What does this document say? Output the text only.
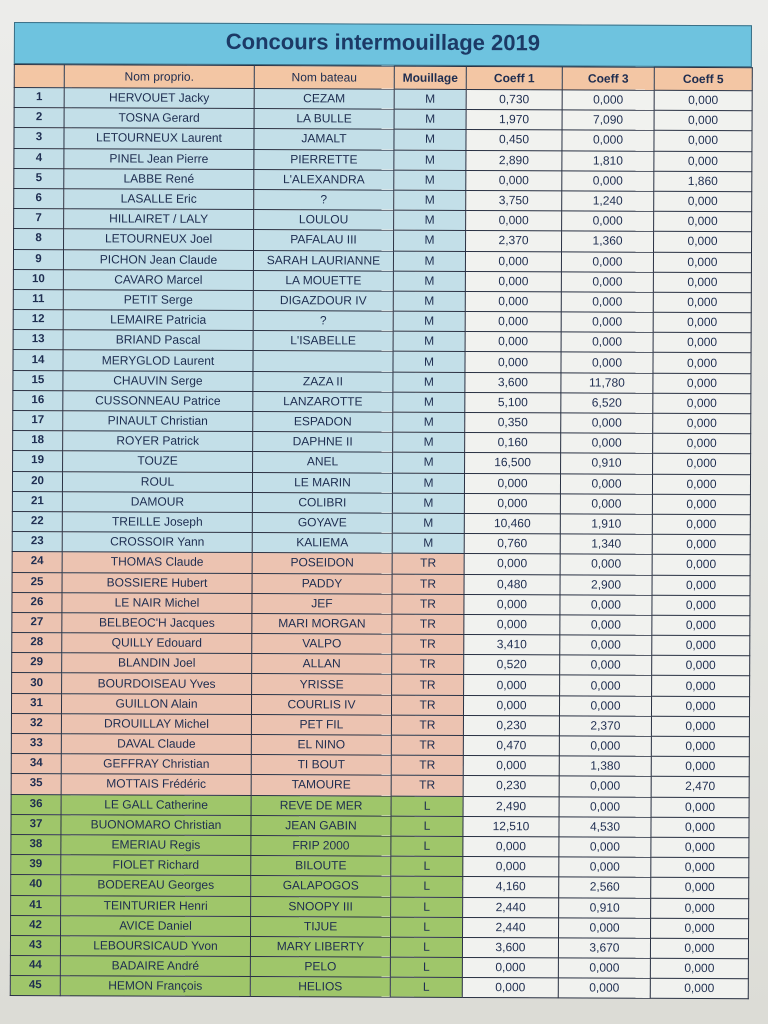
Concours intermouillage 2019
	Nom proprio.	Nom bateau	Mouillage	Coeff 1	Coeff 3	Coeff 5
1	HERVOUET Jacky	CEZAM	M	0,730	0,000	0,000
2	TOSNA Gerard	LA BULLE	M	1,970	7,090	0,000
3	LETOURNEUX Laurent	JAMALT	M	0,450	0,000	0,000
4	PINEL Jean Pierre	PIERRETTE	M	2,890	1,810	0,000
5	LABBE René	L'ALEXANDRA	M	0,000	0,000	1,860
6	LASALLE Eric	?	M	3,750	1,240	0,000
7	HILLAIRET / LALY	LOULOU	M	0,000	0,000	0,000
8	LETOURNEUX Joel	PAFALAU III	M	2,370	1,360	0,000
9	PICHON Jean Claude	SARAH LAURIANNE	M	0,000	0,000	0,000
10	CAVARO Marcel	LA MOUETTE	M	0,000	0,000	0,000
11	PETIT Serge	DIGAZDOUR IV	M	0,000	0,000	0,000
12	LEMAIRE Patricia	?	M	0,000	0,000	0,000
13	BRIAND Pascal	L'ISABELLE	M	0,000	0,000	0,000
14	MERYGLOD Laurent		M	0,000	0,000	0,000
15	CHAUVIN Serge	ZAZA II	M	3,600	11,780	0,000
16	CUSSONNEAU Patrice	LANZAROTTE	M	5,100	6,520	0,000
17	PINAULT Christian	ESPADON	M	0,350	0,000	0,000
18	ROYER Patrick	DAPHNE II	M	0,160	0,000	0,000
19	TOUZE	ANEL	M	16,500	0,910	0,000
20	ROUL	LE MARIN	M	0,000	0,000	0,000
21	DAMOUR	COLIBRI	M	0,000	0,000	0,000
22	TREILLE Joseph	GOYAVE	M	10,460	1,910	0,000
23	CROSSOIR Yann	KALIEMA	M	0,760	1,340	0,000
24	THOMAS Claude	POSEIDON	TR	0,000	0,000	0,000
25	BOSSIERE Hubert	PADDY	TR	0,480	2,900	0,000
26	LE NAIR Michel	JEF	TR	0,000	0,000	0,000
27	BELBEOC'H Jacques	MARI MORGAN	TR	0,000	0,000	0,000
28	QUILLY Edouard	VALPO	TR	3,410	0,000	0,000
29	BLANDIN Joel	ALLAN	TR	0,520	0,000	0,000
30	BOURDOISEAU Yves	YRISSE	TR	0,000	0,000	0,000
31	GUILLON Alain	COURLIS IV	TR	0,000	0,000	0,000
32	DROUILLAY Michel	PET FIL	TR	0,230	2,370	0,000
33	DAVAL Claude	EL NINO	TR	0,470	0,000	0,000
34	GEFFRAY Christian	TI BOUT	TR	0,000	1,380	0,000
35	MOTTAIS Frédéric	TAMOURE	TR	0,230	0,000	2,470
36	LE GALL Catherine	REVE DE MER	L	2,490	0,000	0,000
37	BUONOMARO Christian	JEAN GABIN	L	12,510	4,530	0,000
38	EMERIAU Regis	FRIP 2000	L	0,000	0,000	0,000
39	FIOLET Richard	BILOUTE	L	0,000	0,000	0,000
40	BODEREAU Georges	GALAPOGOS	L	4,160	2,560	0,000
41	TEINTURIER Henri	SNOOPY III	L	2,440	0,910	0,000
42	AVICE Daniel	TIJUE	L	2,440	0,000	0,000
43	LEBOURSICAUD Yvon	MARY LIBERTY	L	3,600	3,670	0,000
44	BADAIRE André	PELO	L	0,000	0,000	0,000
45	HEMON François	HELIOS	L	0,000	0,000	0,000
